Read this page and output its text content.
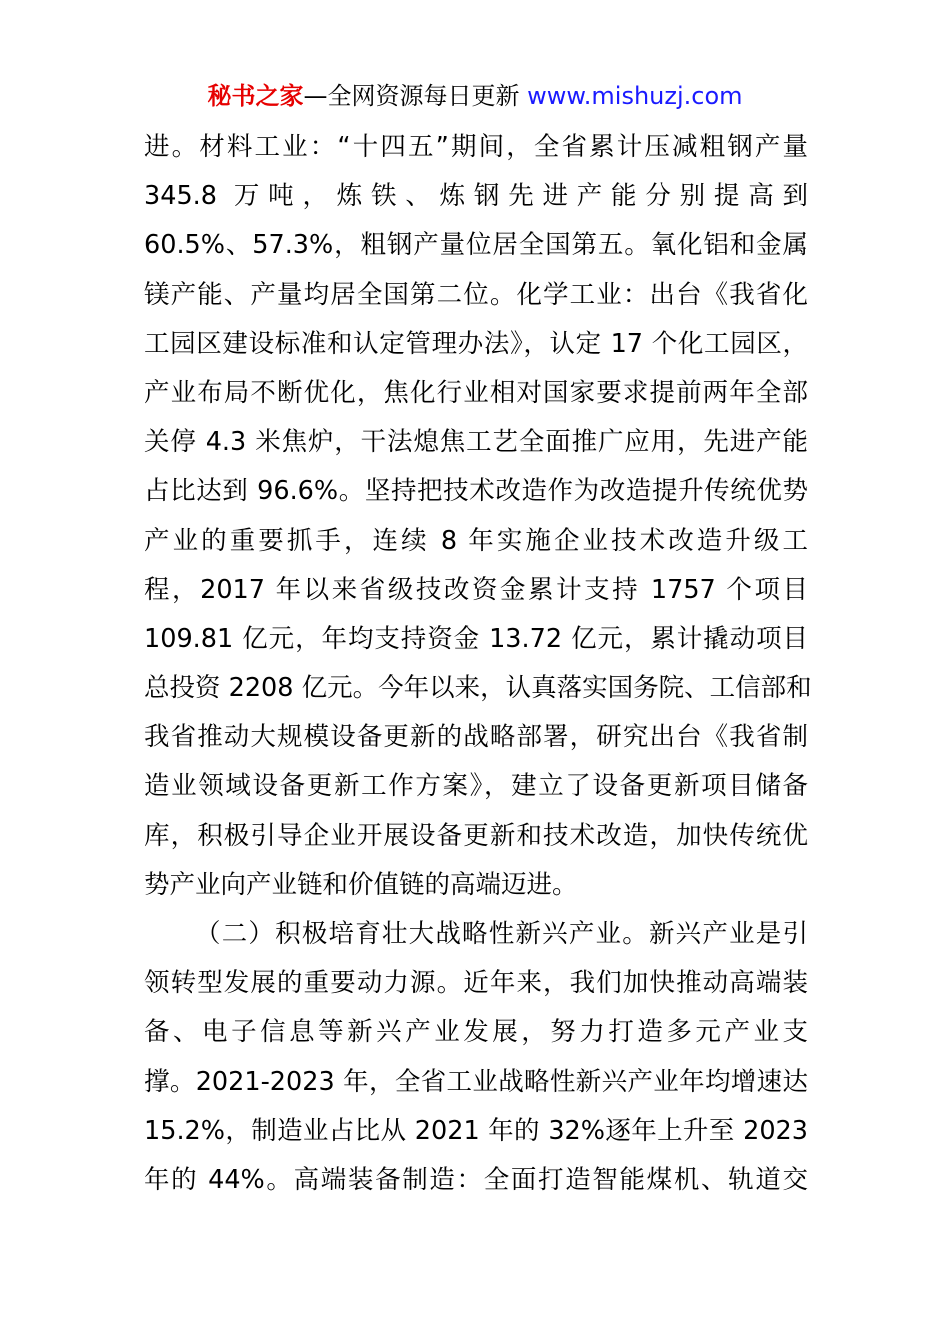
秘书之家—全网资源每日更新 www.mishuzj.com
进。材料工业：“十四五”期间，全省累计压减粗钢产量
345.8 万吨，炼铁、炼钢先进产能分别提高到
60.5%、57.3%，粗钢产量位居全国第五。氧化铝和金属
镁产能、产量均居全国第二位。化学工业：出台《我省化
工园区建设标准和认定管理办法》，认定 17 个化工园区，
产业布局不断优化，焦化行业相对国家要求提前两年全部
关停 4.3 米焦炉，干法熄焦工艺全面推广应用，先进产能
占比达到 96.6%。坚持把技术改造作为改造提升传统优势
产业的重要抓手，连续 8 年实施企业技术改造升级工
程，2017 年以来省级技改资金累计支持 1757 个项目
109.81 亿元，年均支持资金 13.72 亿元，累计撬动项目
总投资 2208 亿元。今年以来，认真落实国务院、工信部和
我省推动大规模设备更新的战略部署，研究出台《我省制
造业领域设备更新工作方案》，建立了设备更新项目储备
库，积极引导企业开展设备更新和技术改造，加快传统优
势产业向产业链和价值链的高端迈进。
（二）积极培育壮大战略性新兴产业。新兴产业是引
领转型发展的重要动力源。近年来，我们加快推动高端装
备、电子信息等新兴产业发展，努力打造多元产业支
撑。2021-2023 年，全省工业战略性新兴产业年均增速达
15.2%，制造业占比从 2021 年的 32%逐年上升至 2023
年的 44%。高端装备制造：全面打造智能煤机、轨道交
